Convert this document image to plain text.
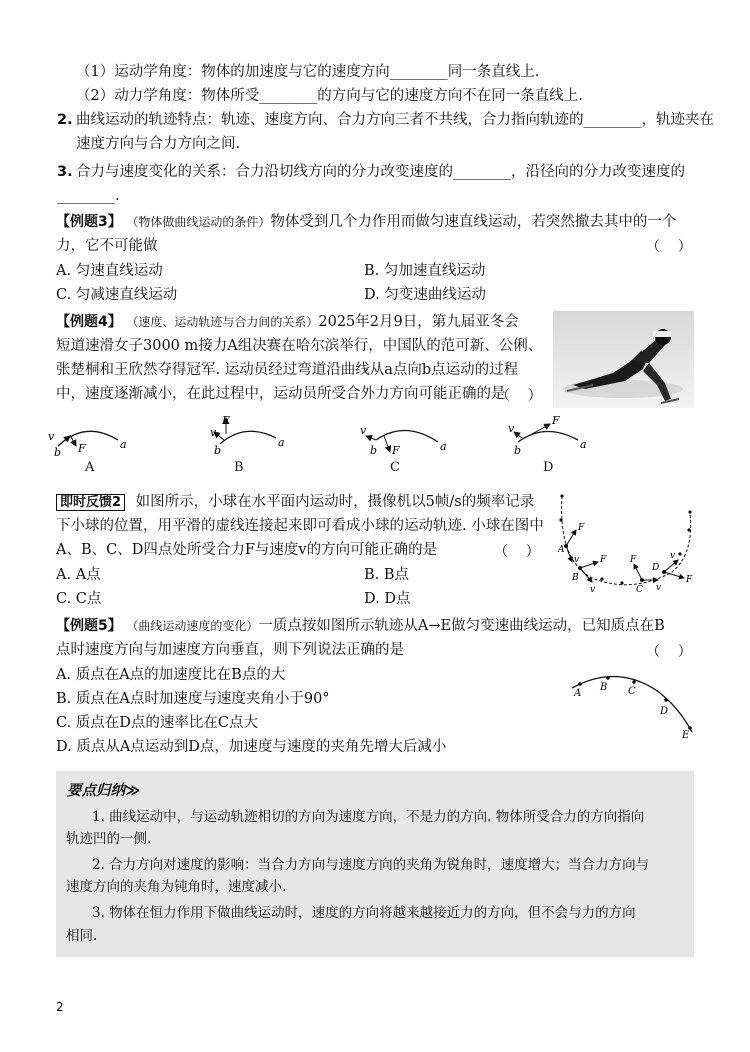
（1）运动学角度：物体的加速度与它的速度方向________同一条直线上.
（2）动力学角度：物体所受________的方向与它的速度方向不在同一条直线上.
2. 曲线运动的轨迹特点：轨迹、速度方向、合力方向三者不共线，合力指向轨迹的________，轨迹夹在
速度方向与合力方向之间.
3. 合力与速度变化的关系：合力沿切线方向的分力改变速度的________，沿径向的分力改变速度的
________.
【例题3】 （物体做曲线运动的条件）物体受到几个力作用而做匀速直线运动，若突然撤去其中的一个
力，它不可能做	（    ）
A. 匀速直线运动	B. 匀加速直线运动
C. 匀减速直线运动	D. 匀变速曲线运动
【例题4】 （速度、运动轨迹与合力间的关系）2025年2月9日，第九届亚冬会
短道速滑女子3000 m接力A组决赛在哈尔滨举行，中国队的范可新、公俐、
张楚桐和王欣然夺得冠军. 运动员经过弯道沿曲线从a点向b点运动的过程
中，速度逐渐减小，在此过程中，运动员所受合外力方向可能正确的是
（    ）
v
b F	a
v
F
b
a
v
b F	a
v
F
b	a
A	B	C	D
即时反馈2 如图所示，小球在水平面内运动时，摄像机以5帧/s的频率记录
下小球的位置，用平滑的虚线连接起来即可看成小球的运动轨迹. 小球在图中
A、B、C、D四点处所受合力F与速度v的方向可能正确的是	（    ）
A. A点	B. B点
C. C点	D. D点
F
A
v F
B
v
F
C v
v
D
F
【例题5】 （曲线运动速度的变化）一质点按如图所示轨迹从A→E做匀变速曲线运动，已知质点在B
点时速度方向与加速度方向垂直，则下列说法正确的是	（    ）
A. 质点在A点的加速度比在B点的大
B. 质点在A点时加速度与速度夹角小于90°
C. 质点在D点的速率比在C点大
D. 质点从A点运动到D点，加速度与速度的夹角先增大后减小
A
B C
D
E
要点归纳≫
1. 曲线运动中，与运动轨迹相切的方向为速度方向，不是力的方向. 物体所受合力的方向指向
轨迹凹的一侧.
2. 合力方向对速度的影响：当合力方向与速度方向的夹角为锐角时，速度增大；当合力方向与
速度方向的夹角为钝角时，速度减小.
3. 物体在恒力作用下做曲线运动时，速度的方向将越来越接近力的方向，但不会与力的方向
相同.
2
